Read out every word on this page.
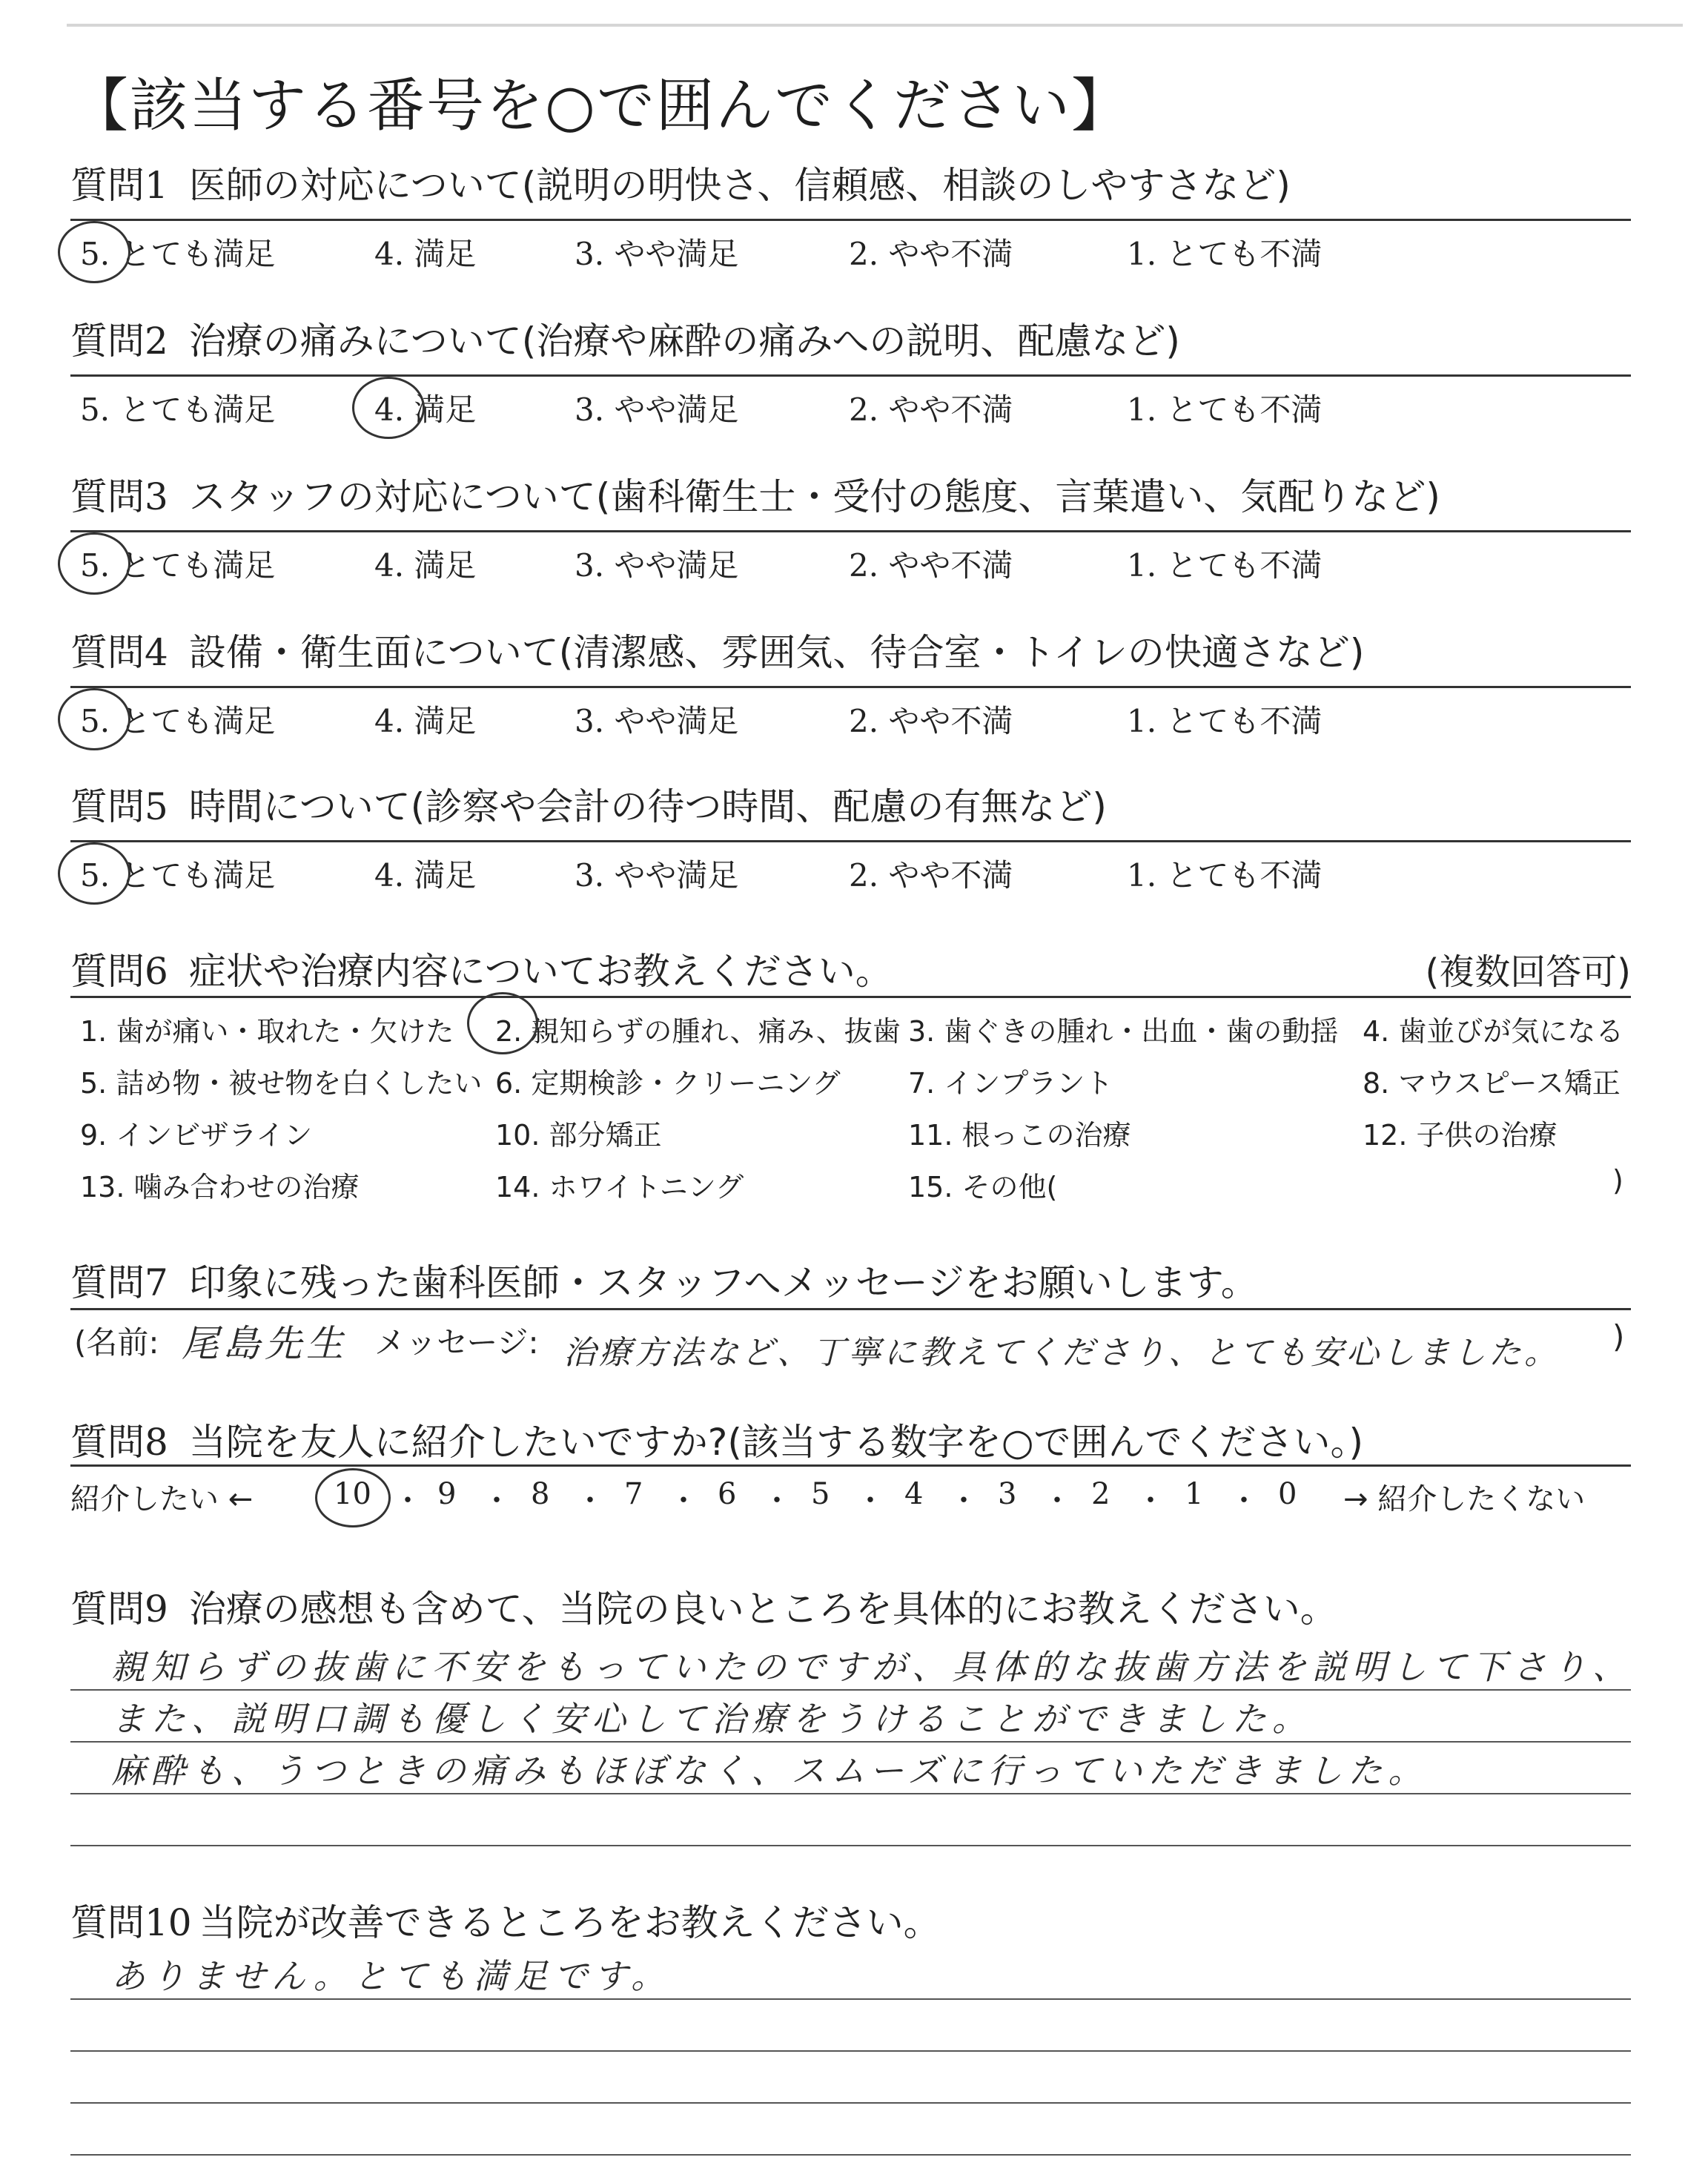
【該当する番号を○で囲んでください】
質問1 医師の対応について(説明の明快さ、信頼感、相談のしやすさなど)
5. とても満足	4. 満足	3. やや満足	2. やや不満	1. とても不満
質問2 治療の痛みについて(治療や麻酔の痛みへの説明、配慮など)
5. とても満足	4. 満足	3. やや満足	2. やや不満	1. とても不満
質問3 スタッフの対応について(歯科衛生士・受付の態度、言葉遣い、気配りなど)
5. とても満足	4. 満足	3. やや満足	2. やや不満	1. とても不満
質問4 設備・衛生面について(清潔感、雰囲気、待合室・トイレの快適さなど)
5. とても満足	4. 満足	3. やや満足	2. やや不満	1. とても不満
質問5 時間について(診察や会計の待つ時間、配慮の有無など)
5. とても満足	4. 満足	3. やや満足	2. やや不満	1. とても不満
質問6 症状や治療内容についてお教えください。	(複数回答可)
1. 歯が痛い・取れた・欠けた 2. 親知らずの腫れ、痛み、抜歯 3. 歯ぐきの腫れ・出血・歯の動揺 4. 歯並びが気になる
5. 詰め物・被せ物を白くしたい 6. 定期検診・クリーニング 7. インプラント	8. マウスピース矯正
9. インビザライン	10. 部分矯正	11. 根っこの治療	12. 子供の治療
13. 噛み合わせの治療	14. ホワイトニング	15. その他(	)
質問7 印象に残った歯科医師・スタッフへメッセージをお願いします。
(名前: 尾島先生 メッセージ: 治療方法など、丁寧に教えてくださり、とても安心しました。 )
質問8 当院を友人に紹介したいですか?(該当する数字を○で囲んでください。)
紹介したい ←	10 ・ 9 ・ 8 ・ 7 ・ 6 ・ 5 ・ 4 ・ 3 ・ 2 ・ 1 ・ 0 → 紹介したくない
質問9 治療の感想も含めて、当院の良いところを具体的にお教えください。
親知らずの抜歯に不安をもっていたのですが、具体的な抜歯方法を説明して下さり、
また、説明口調も優しく安心して治療をうけることができました。
麻酔も、うつときの痛みもほぼなく、スムーズに行っていただきました。
質問10 当院が改善できるところをお教えください。
ありません。とても満足です。
